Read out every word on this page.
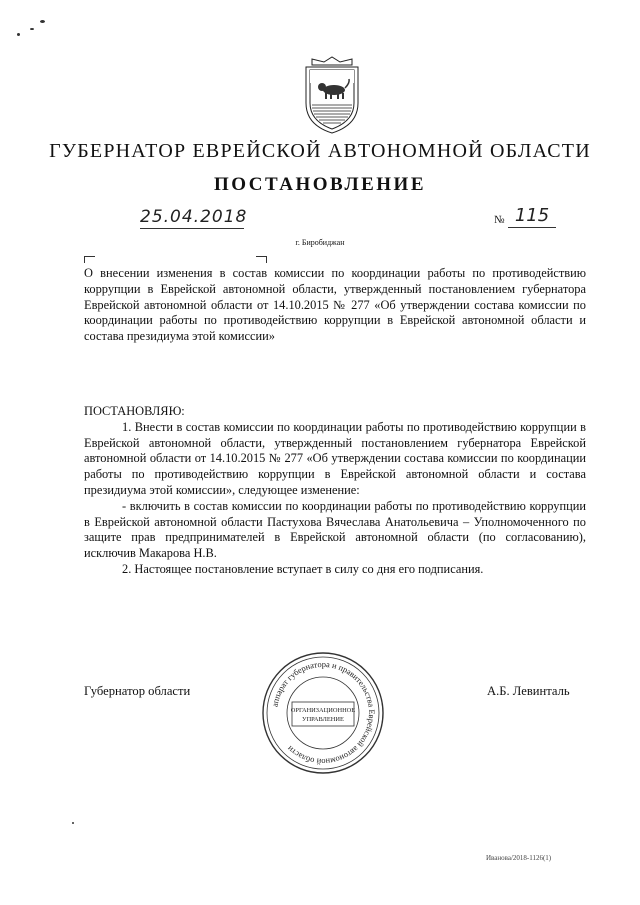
ГУБЕРНАТОР ЕВРЕЙСКОЙ АВТОНОМНОЙ ОБЛАСТИ
ПОСТАНОВЛЕНИЕ
25.04.2018	№ 115
г. Биробиджан
О внесении изменения в состав комиссии по координации работы по противодействию коррупции в Еврейской автономной области, утвержденный постановлением губернатора Еврейской автономной области от 14.10.2015 № 277 «Об утверждении состава комиссии по координации работы по противодействию коррупции в Еврейской автономной области и состава президиума этой комиссии»

ПОСТАНОВЛЯЮ:

1. Внести в состав комиссии по координации работы по противодействию коррупции в Еврейской автономной области, утвержденный постановлением губернатора Еврейской автономной области от 14.10.2015 № 277 «Об утверждении состава комиссии по координации работы по противодействию коррупции в Еврейской автономной области и состава президиума этой комиссии», следующее изменение:

- включить в состав комиссии по координации работы по противодействию коррупции в Еврейской автономной области Пастухова Вячеслава Анатольевича – Уполномоченного по защите прав предпринимателей в Еврейской автономной области (по согласованию), исключив Макарова Н.В.

2. Настоящее постановление вступает в силу со дня его подписания.

Губернатор области	А.Б. Левинталь
аппарат губернатора и правительства Еврейской автономной области
ОРГАНИЗАЦИОННОЕ
УПРАВЛЕНИЕ
Иванова/2018-1126(1)
